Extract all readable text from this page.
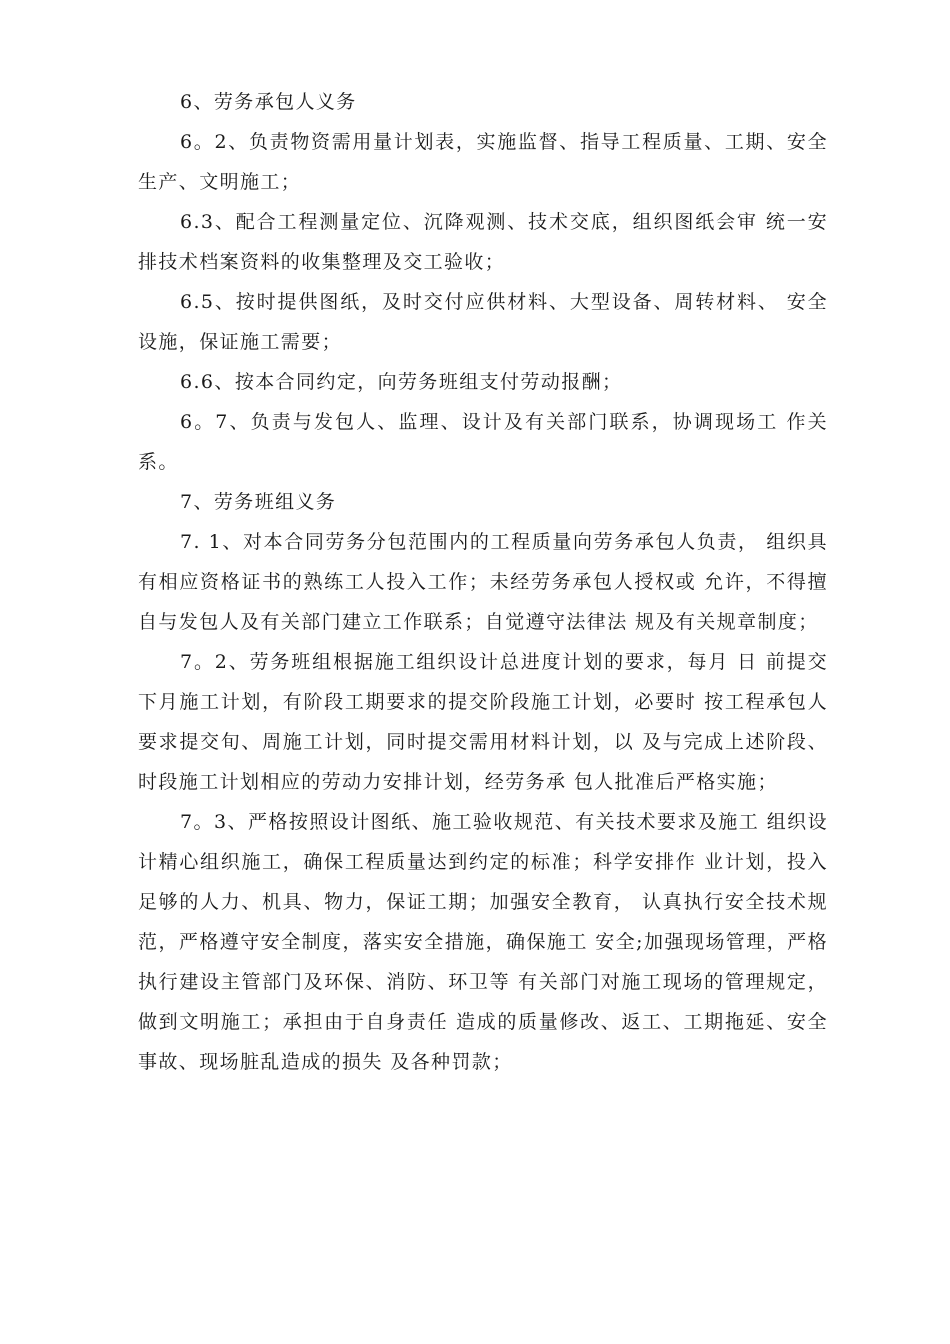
6、劳务承包人义务

6。2、负责物资需用量计划表，实施监督、指导工程质量、工期、安全生产、文明施工；

6.3、配合工程测量定位、沉降观测、技术交底，组织图纸会审 统一安排技术档案资料的收集整理及交工验收；

6.5、按时提供图纸，及时交付应供材料、大型设备、周转材料、 安全设施，保证施工需要；

6.6、按本合同约定，向劳务班组支付劳动报酬；

6。7、负责与发包人、监理、设计及有关部门联系，协调现场工 作关系。

7、劳务班组义务

7. 1、对本合同劳务分包范围内的工程质量向劳务承包人负责， 组织具有相应资格证书的熟练工人投入工作；未经劳务承包人授权或 允许，不得擅自与发包人及有关部门建立工作联系；自觉遵守法律法 规及有关规章制度；

7。2、劳务班组根据施工组织设计总进度计划的要求，每月 日 前提交下月施工计划，有阶段工期要求的提交阶段施工计划，必要时 按工程承包人要求提交旬、周施工计划，同时提交需用材料计划，以 及与完成上述阶段、时段施工计划相应的劳动力安排计划，经劳务承 包人批准后严格实施；

7。3、严格按照设计图纸、施工验收规范、有关技术要求及施工 组织设计精心组织施工，确保工程质量达到约定的标准；科学安排作 业计划，投入足够的人力、机具、物力，保证工期；加强安全教育， 认真执行安全技术规范，严格遵守安全制度，落实安全措施，确保施工 安全;加强现场管理，严格执行建设主管部门及环保、消防、环卫等 有关部门对施工现场的管理规定，做到文明施工；承担由于自身责任 造成的质量修改、返工、工期拖延、安全事故、现场脏乱造成的损失 及各种罚款；
